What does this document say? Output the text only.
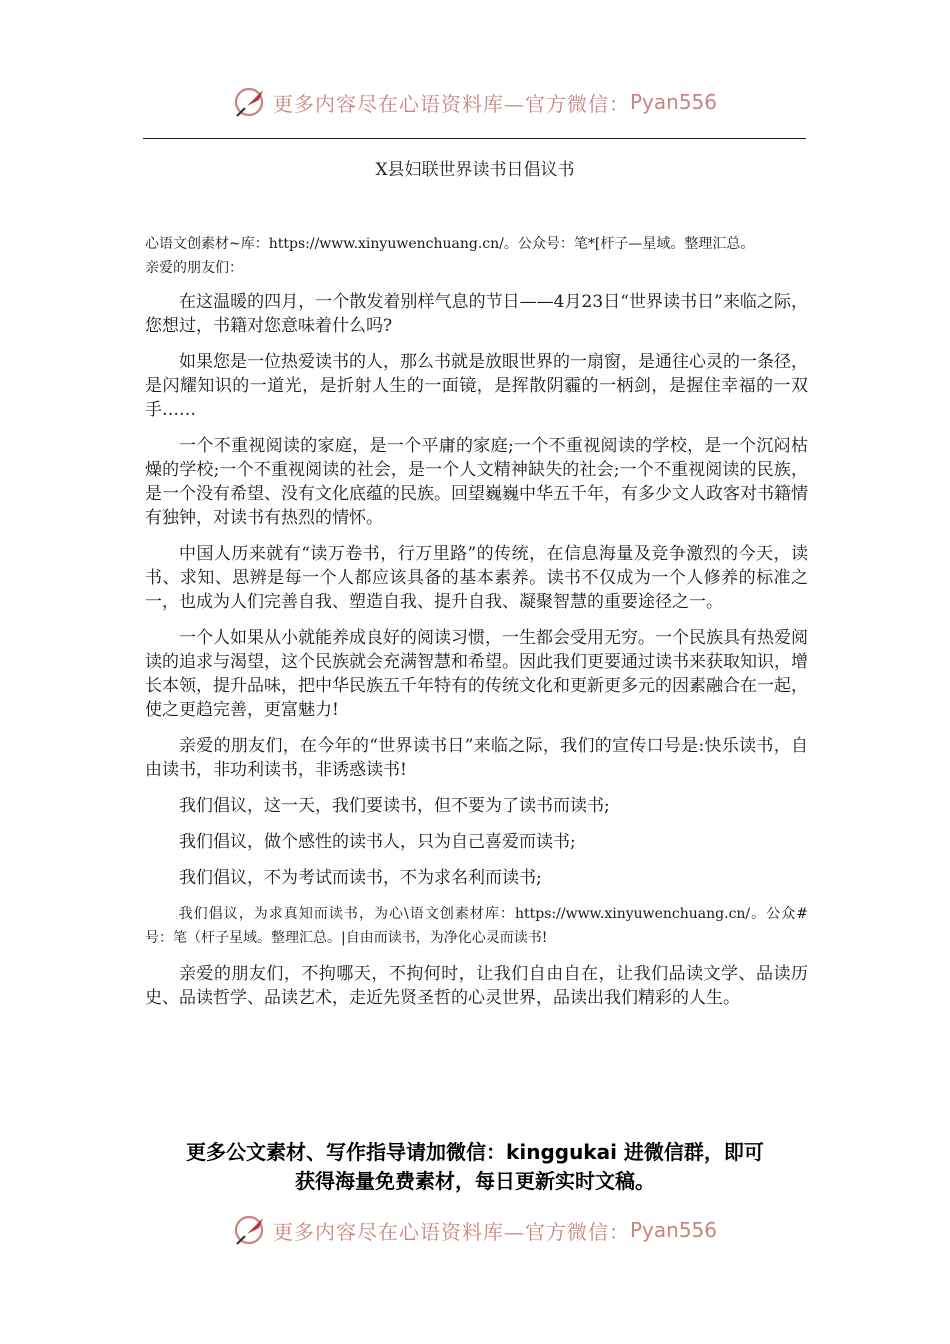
更多内容尽在心语资料库—官方微信： Pyan556
X县妇联世界读书日倡议书
心语文创素材~库：https://www.xinyuwenchuang.cn/。公众号：笔*[杆子—星域。整理汇总。
亲爱的朋友们：

在这温暖的四月，一个散发着别样气息的节日——4月23日“世界读书日”来临之际，您想过，书籍对您意味着什么吗?

如果您是一位热爱读书的人，那么书就是放眼世界的一扇窗，是通往心灵的一条径，是闪耀知识的一道光，是折射人生的一面镜，是挥散阴霾的一柄剑，是握住幸福的一双手……

一个不重视阅读的家庭，是一个平庸的家庭;一个不重视阅读的学校，是一个沉闷枯燥的学校;一个不重视阅读的社会，是一个人文精神缺失的社会;一个不重视阅读的民族，是一个没有希望、没有文化底蕴的民族。回望巍巍中华五千年，有多少文人政客对书籍情有独钟，对读书有热烈的情怀。

中国人历来就有“读万卷书，行万里路”的传统，在信息海量及竞争激烈的今天，读书、求知、思辨是每一个人都应该具备的基本素养。读书不仅成为一个人修养的标准之一，也成为人们完善自我、塑造自我、提升自我、凝聚智慧的重要途径之一。

一个人如果从小就能养成良好的阅读习惯，一生都会受用无穷。一个民族具有热爱阅读的追求与渴望，这个民族就会充满智慧和希望。因此我们更要通过读书来获取知识，增长本领，提升品味，把中华民族五千年特有的传统文化和更新更多元的因素融合在一起，使之更趋完善，更富魅力!

亲爱的朋友们，在今年的“世界读书日”来临之际，我们的宣传口号是:快乐读书，自由读书，非功利读书，非诱惑读书!

我们倡议，这一天，我们要读书，但不要为了读书而读书;

我们倡议，做个感性的读书人，只为自己喜爱而读书;

我们倡议，不为考试而读书，不为求名利而读书;

我们倡议，为求真知而读书，为心\语文创素材库：https://www.xinyuwenchuang.cn/。公众#号：笔（杆子星域。整理汇总。|自由而读书，为净化心灵而读书!

亲爱的朋友们，不拘哪天，不拘何时，让我们自由自在，让我们品读文学、品读历史、品读哲学、品读艺术，走近先贤圣哲的心灵世界，品读出我们精彩的人生。

更多公文素材、写作指导请加微信：kinggukai 进微信群，即可
获得海量免费素材，每日更新实时文稿。
更多内容尽在心语资料库—官方微信： Pyan556
